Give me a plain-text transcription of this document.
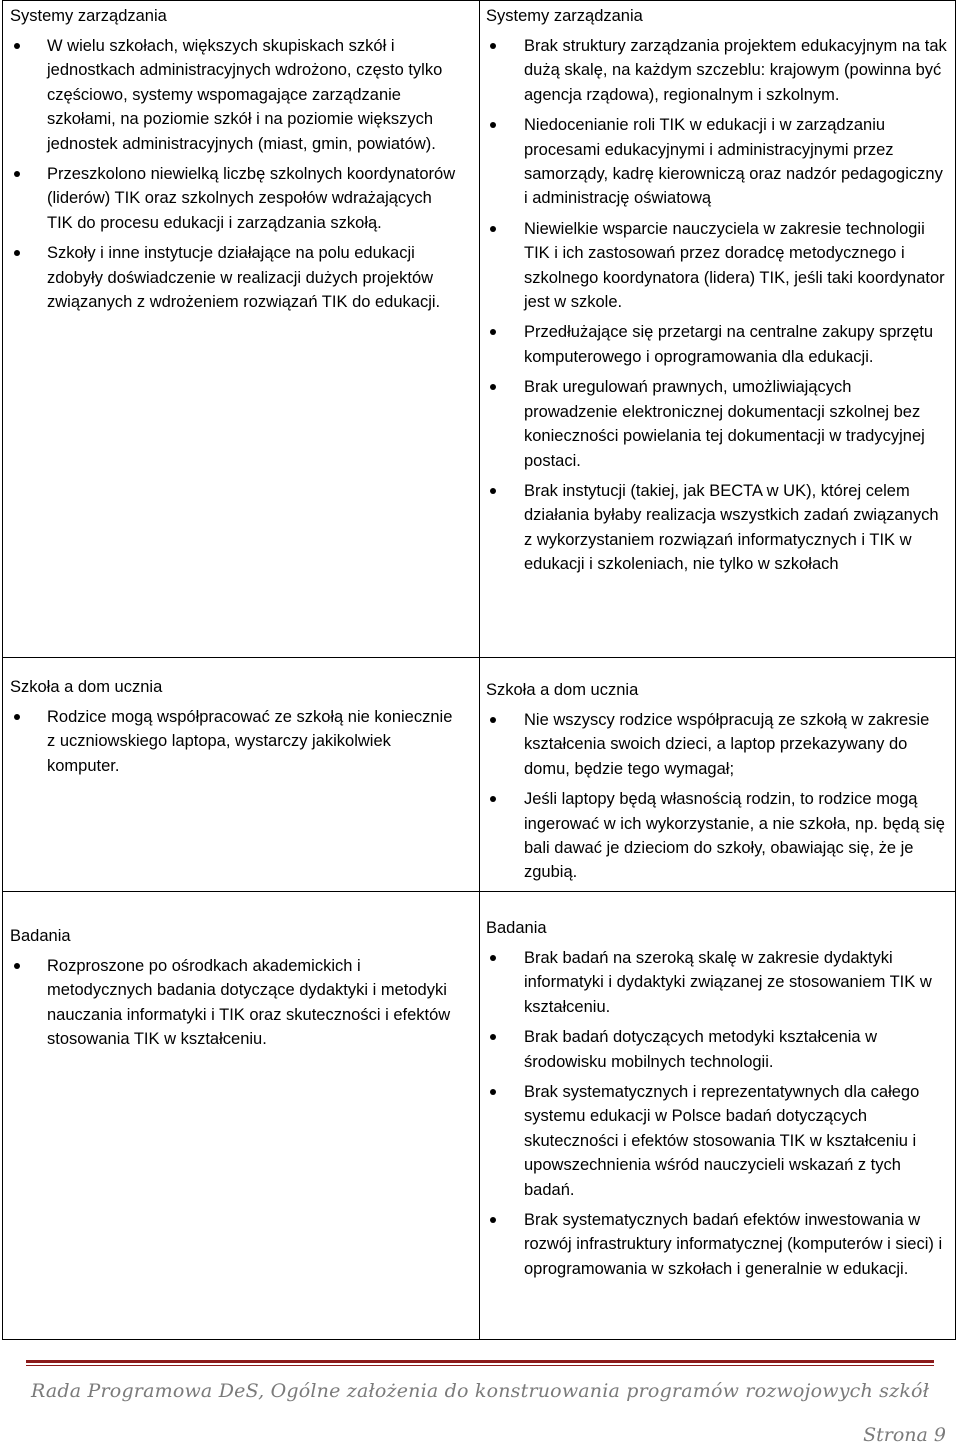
Systemy zarządzania
W wielu szkołach, większych skupiskach szkół i jednostkach administracyjnych wdrożono, często tylko częściowo, systemy wspomagające zarządzanie szkołami, na poziomie szkół i na poziomie większych jednostek administracyjnych (miast, gmin, powiatów).
Przeszkolono niewielką liczbę szkolnych koordynatorów (liderów) TIK oraz szkolnych zespołów wdrażających TIK do procesu edukacji i zarządzania szkołą.
Szkoły i inne instytucje działające na polu edukacji zdobyły doświadczenie w realizacji dużych projektów związanych z wdrożeniem rozwiązań TIK do edukacji.
Systemy zarządzania
Brak struktury zarządzania projektem edukacyjnym na tak dużą skalę, na każdym szczeblu: krajowym (powinna być agencja rządowa), regionalnym i szkolnym.
Niedocenianie roli TIK w edukacji i w zarządzaniu procesami edukacyjnymi i administracyjnymi przez samorządy, kadrę kierowniczą oraz nadzór pedagogiczny i administrację oświatową
Niewielkie wsparcie nauczyciela w zakresie technologii TIK i ich zastosowań przez doradcę metodycznego i szkolnego koordynatora (lidera) TIK, jeśli taki koordynator jest w szkole.
Przedłużające się przetargi na centralne zakupy sprzętu komputerowego i oprogramowania dla edukacji.
Brak uregulowań prawnych, umożliwiających prowadzenie elektronicznej dokumentacji szkolnej bez konieczności powielania tej dokumentacji w tradycyjnej postaci.
Brak instytucji (takiej, jak BECTA w UK), której celem działania byłaby realizacja wszystkich zadań związanych z wykorzystaniem rozwiązań informatycznych i TIK w edukacji i szkoleniach, nie tylko w szkołach
Szkoła a dom ucznia
Rodzice mogą współpracować ze szkołą nie koniecznie z uczniowskiego laptopa, wystarczy jakikolwiek komputer.
Szkoła a dom ucznia
Nie wszyscy rodzice współpracują ze szkołą w zakresie kształcenia swoich dzieci, a laptop przekazywany do domu, będzie tego wymagał;
Jeśli laptopy będą własnością rodzin, to rodzice mogą ingerować w ich wykorzystanie, a nie szkoła, np. będą się bali dawać je dzieciom do szkoły, obawiając się, że je zgubią.
Badania
Rozproszone po ośrodkach akademickich i metodycznych badania dotyczące dydaktyki i metodyki nauczania informatyki i TIK oraz skuteczności i efektów stosowania TIK w kształceniu.
Badania
Brak badań na szeroką skalę w zakresie dydaktyki informatyki i dydaktyki związanej ze stosowaniem TIK w kształceniu.
Brak badań dotyczących metodyki kształcenia w środowisku mobilnych technologii.
Brak systematycznych i reprezentatywnych dla całego systemu edukacji w Polsce badań dotyczących skuteczności i efektów stosowania TIK w kształceniu i upowszechnienia wśród nauczycieli wskazań z tych badań.
Brak systematycznych badań efektów inwestowania w rozwój infrastruktury informatycznej (komputerów i sieci) i oprogramowania w szkołach i generalnie w edukacji.
Rada Programowa DeS, Ogólne założenia do konstruowania programów rozwojowych szkół
Strona 9
